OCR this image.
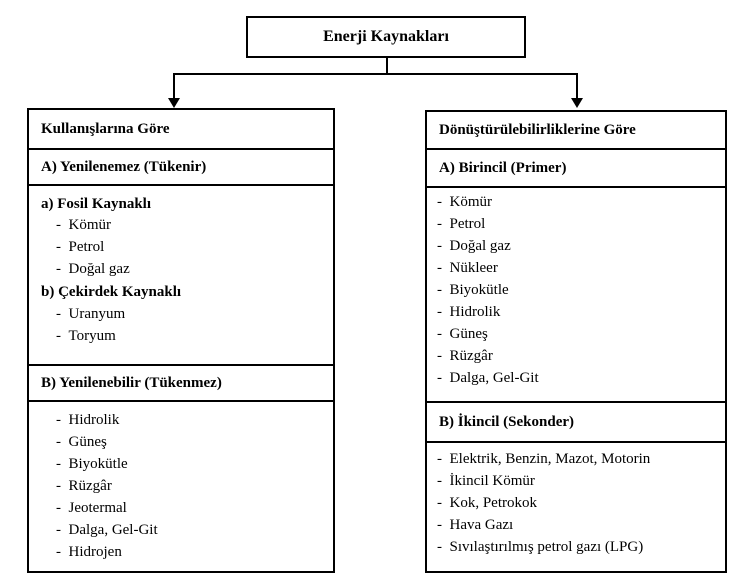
Enerji Kaynakları
Kullanışlarına Göre
A) Yenilenemez (Tükenir)
a) Fosil Kaynaklı
-  Kömür
-  Petrol
-  Doğal gaz
b) Çekirdek Kaynaklı
-  Uranyum
-  Toryum
B) Yenilenebilir (Tükenmez)
-  Hidrolik
-  Güneş
-  Biyokütle
-  Rüzgâr
-  Jeotermal
-  Dalga, Gel-Git
-  Hidrojen
Dönüştürülebilirliklerine Göre
A) Birincil (Primer)
-  Kömür
-  Petrol
-  Doğal gaz
-  Nükleer
-  Biyokütle
-  Hidrolik
-  Güneş
-  Rüzgâr
-  Dalga, Gel-Git
B) İkincil (Sekonder)
-  Elektrik, Benzin, Mazot, Motorin
-  İkincil Kömür
-  Kok, Petrokok
-  Hava Gazı
-  Sıvılaştırılmış petrol gazı (LPG)
